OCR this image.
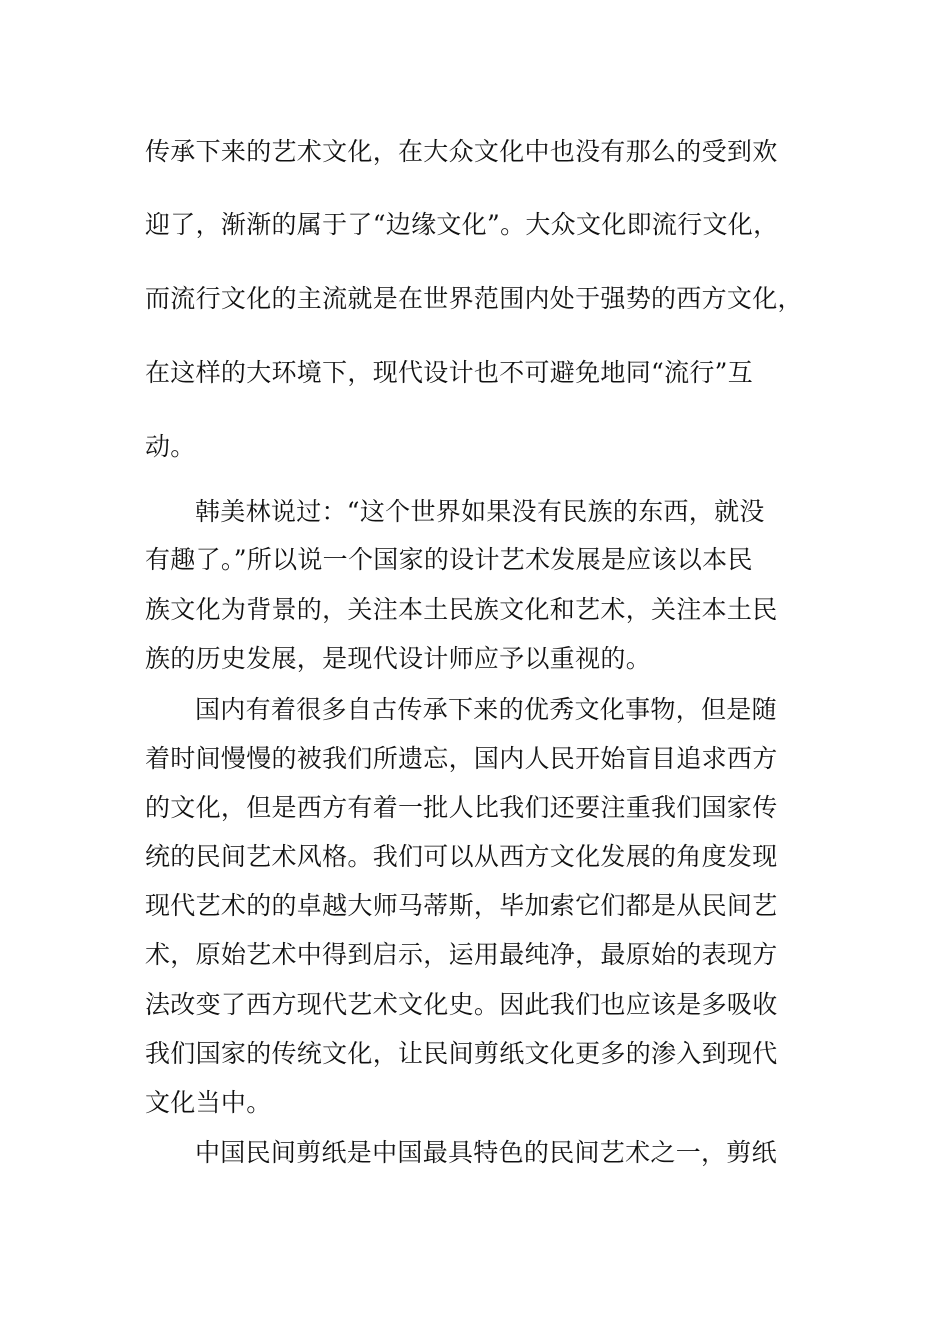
传承下来的艺术文化，在大众文化中也没有那么的受到欢
迎了，渐渐的属于了“边缘文化”。大众文化即流行文化，
而流行文化的主流就是在世界范围内处于强势的西方文化，
在这样的大环境下，现代设计也不可避免地同“流行”互
动。
韩美林说过：“这个世界如果没有民族的东西，就没
有趣了。”所以说一个国家的设计艺术发展是应该以本民
族文化为背景的，关注本土民族文化和艺术，关注本土民
族的历史发展，是现代设计师应予以重视的。
国内有着很多自古传承下来的优秀文化事物，但是随
着时间慢慢的被我们所遗忘，国内人民开始盲目追求西方
的文化，但是西方有着一批人比我们还要注重我们国家传
统的民间艺术风格。我们可以从西方文化发展的角度发现
现代艺术的的卓越大师马蒂斯，毕加索它们都是从民间艺
术，原始艺术中得到启示，运用最纯净，最原始的表现方
法改变了西方现代艺术文化史。因此我们也应该是多吸收
我们国家的传统文化，让民间剪纸文化更多的渗入到现代
文化当中。
中国民间剪纸是中国最具特色的民间艺术之一，剪纸
